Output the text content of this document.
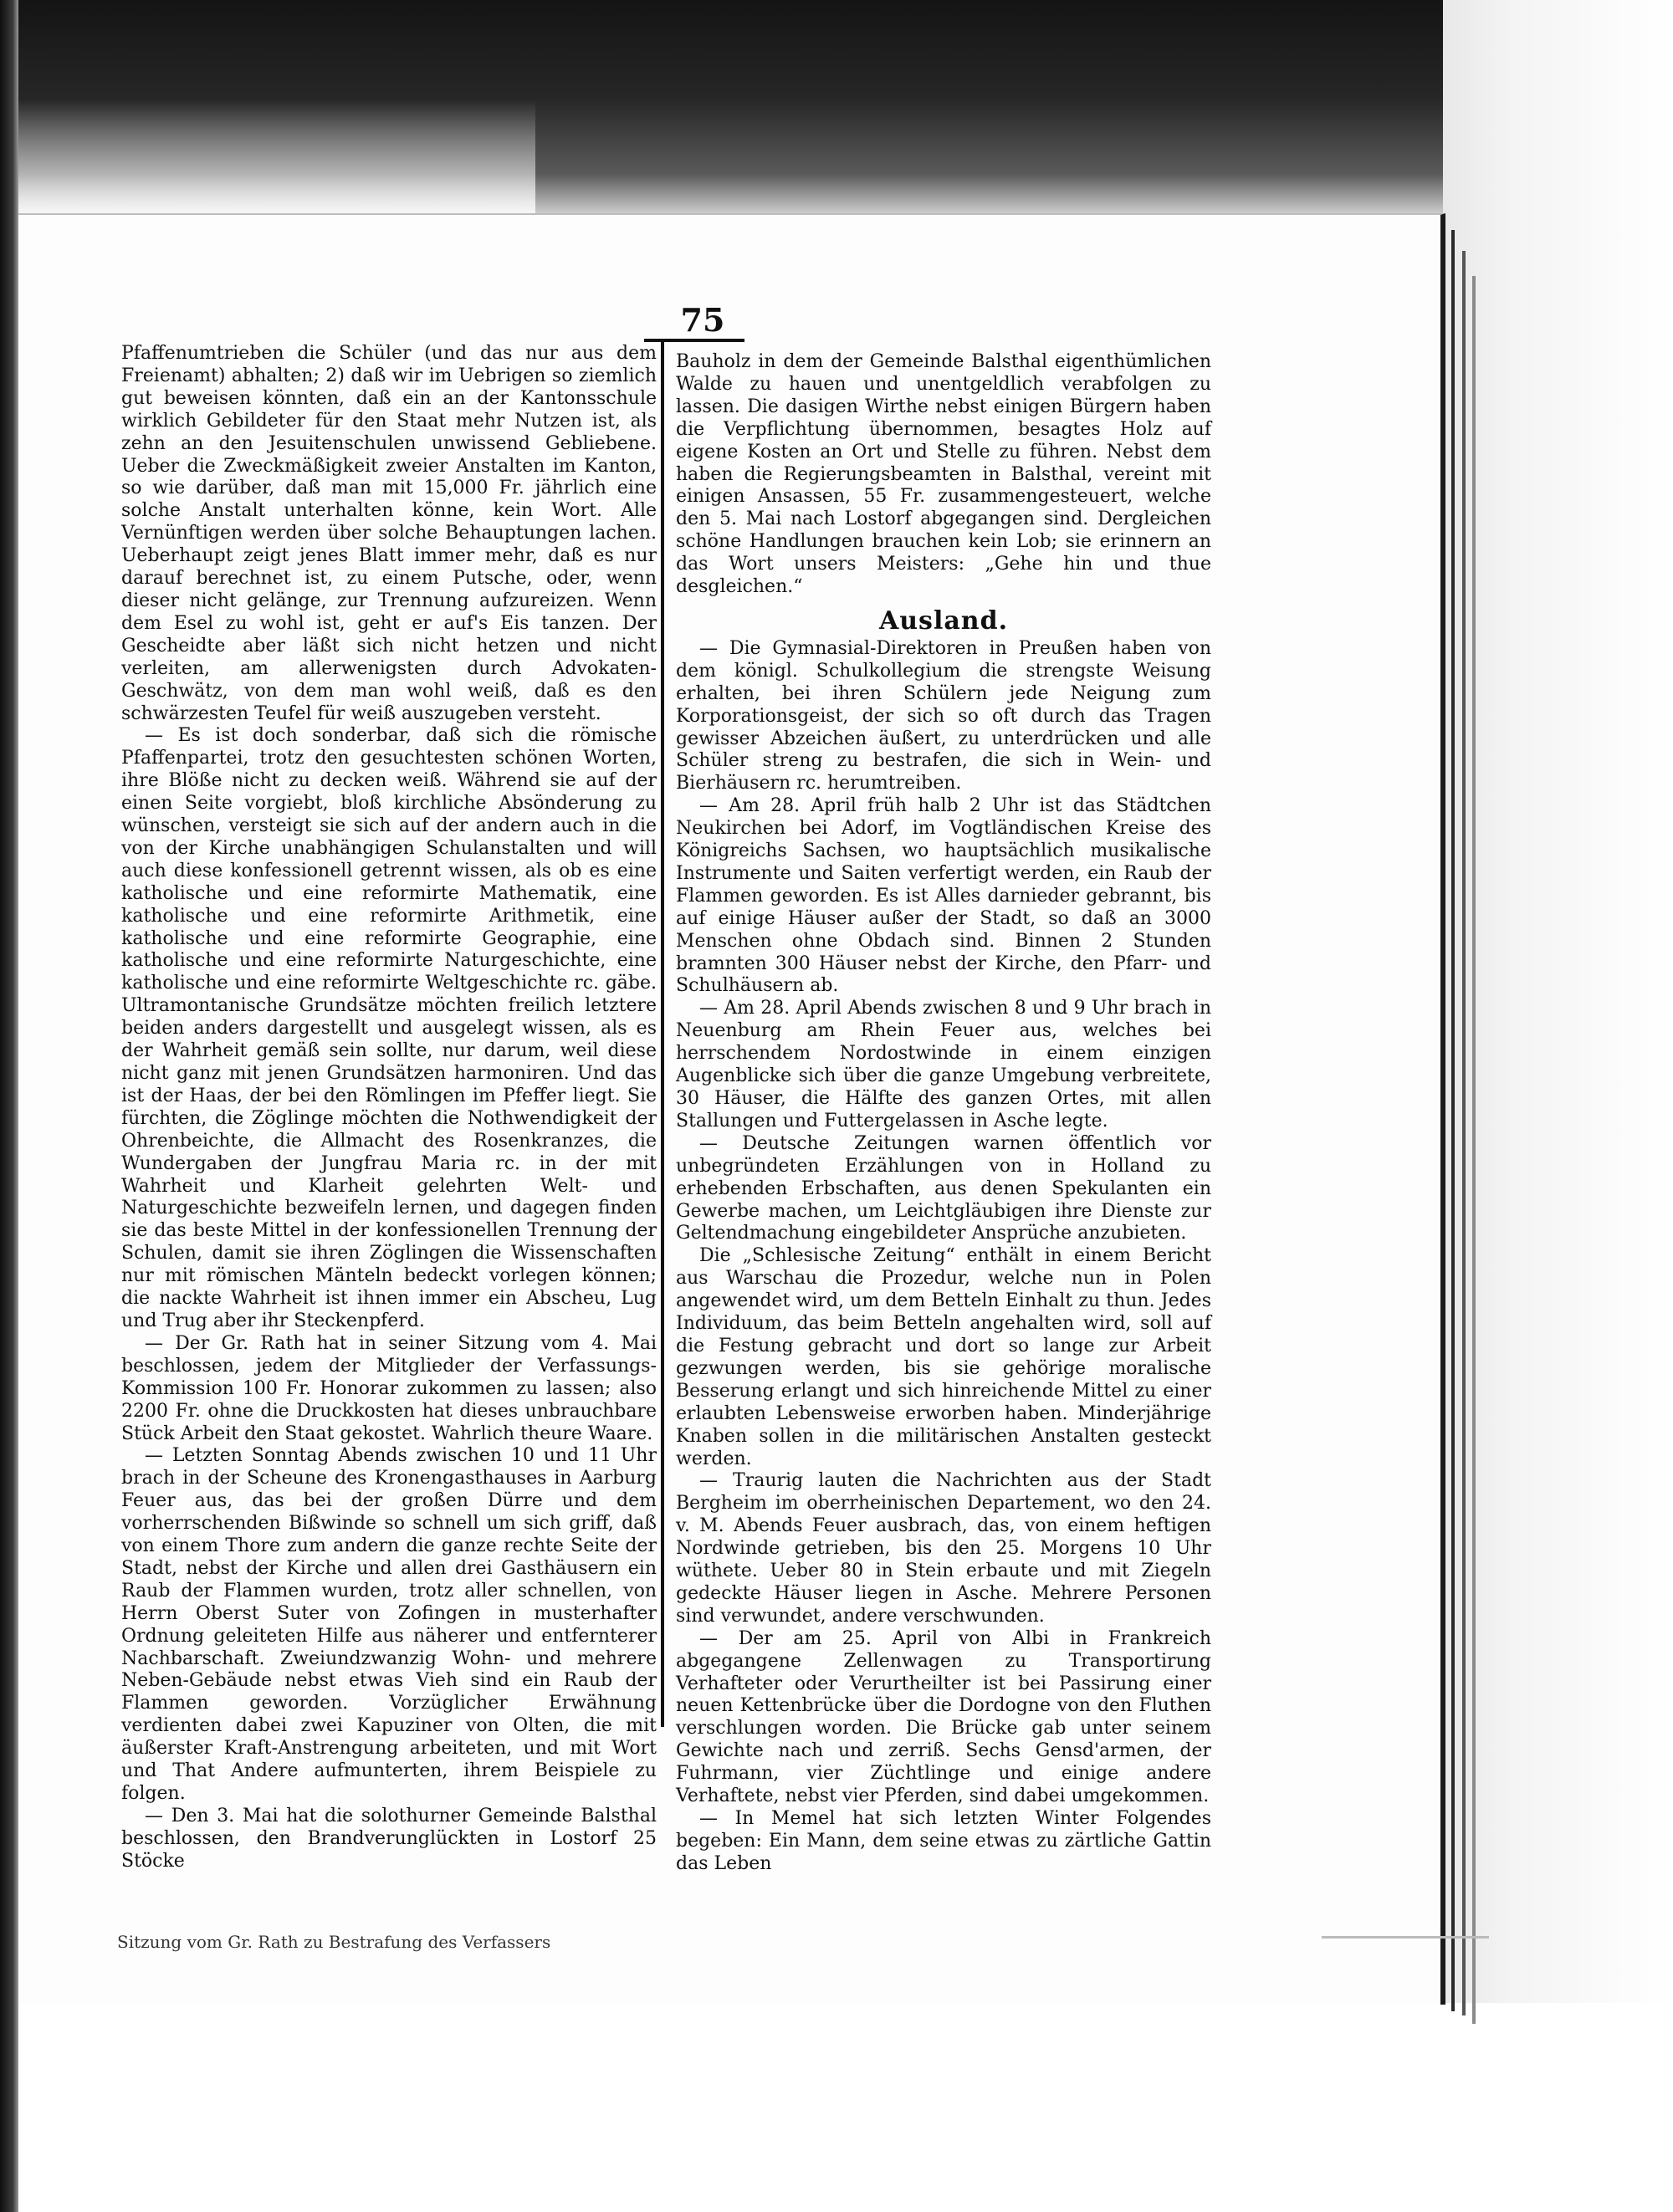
75

Pfaffenumtrieben die Schüler (und das nur aus dem Freienamt) abhalten; 2) daß wir im Uebrigen so ziemlich gut beweisen könnten, daß ein an der Kantonsschule wirklich Gebildeter für den Staat mehr Nutzen ist, als zehn an den Jesuitenschulen unwissend Gebliebene. Ueber die Zweckmäßigkeit zweier Anstalten im Kanton, so wie darüber, daß man mit 15,000 Fr. jährlich eine solche Anstalt unterhalten könne, kein Wort. Alle Vernünftigen werden über solche Behauptungen lachen. Ueberhaupt zeigt jenes Blatt immer mehr, daß es nur darauf berechnet ist, zu einem Putsche, oder, wenn dieser nicht gelänge, zur Trennung aufzureizen. Wenn dem Esel zu wohl ist, geht er auf's Eis tanzen. Der Gescheidte aber läßt sich nicht hetzen und nicht verleiten, am allerwenigsten durch Advokaten-Geschwätz, von dem man wohl weiß, daß es den schwärzesten Teufel für weiß auszugeben versteht.

— Es ist doch sonderbar, daß sich die römische Pfaffenpartei, trotz den gesuchtesten schönen Worten, ihre Blöße nicht zu decken weiß. Während sie auf der einen Seite vorgiebt, bloß kirchliche Absönderung zu wünschen, versteigt sie sich auf der andern auch in die von der Kirche unabhängigen Schulanstalten und will auch diese konfessionell getrennt wissen, als ob es eine katholische und eine reformirte Mathematik, eine katholische und eine reformirte Arithmetik, eine katholische und eine reformirte Geographie, eine katholische und eine reformirte Naturgeschichte, eine katholische und eine reformirte Weltgeschichte rc. gäbe. Ultramontanische Grundsätze möchten freilich letztere beiden anders dargestellt und ausgelegt wissen, als es der Wahrheit gemäß sein sollte, nur darum, weil diese nicht ganz mit jenen Grundsätzen harmoniren. Und das ist der Haas, der bei den Römlingen im Pfeffer liegt. Sie fürchten, die Zöglinge möchten die Nothwendigkeit der Ohrenbeichte, die Allmacht des Rosenkranzes, die Wundergaben der Jungfrau Maria rc. in der mit Wahrheit und Klarheit gelehrten Welt- und Naturgeschichte bezweifeln lernen, und dagegen finden sie das beste Mittel in der konfessionellen Trennung der Schulen, damit sie ihren Zöglingen die Wissenschaften nur mit römischen Mänteln bedeckt vorlegen können; die nackte Wahrheit ist ihnen immer ein Abscheu, Lug und Trug aber ihr Steckenpferd.

— Der Gr. Rath hat in seiner Sitzung vom 4. Mai beschlossen, jedem der Mitglieder der Verfassungs-Kommission 100 Fr. Honorar zukommen zu lassen; also 2200 Fr. ohne die Druckkosten hat dieses unbrauchbare Stück Arbeit den Staat gekostet. Wahrlich theure Waare.

— Letzten Sonntag Abends zwischen 10 und 11 Uhr brach in der Scheune des Kronengasthauses in Aarburg Feuer aus, das bei der großen Dürre und dem vorherrschenden Bißwinde so schnell um sich griff, daß von einem Thore zum andern die ganze rechte Seite der Stadt, nebst der Kirche und allen drei Gasthäusern ein Raub der Flammen wurden, trotz aller schnellen, von Herrn Oberst Suter von Zofingen in musterhafter Ordnung geleiteten Hilfe aus näherer und entfernterer Nachbarschaft. Zweiundzwanzig Wohn- und mehrere Neben-Gebäude nebst etwas Vieh sind ein Raub der Flammen geworden. Vorzüglicher Erwähnung verdienten dabei zwei Kapuziner von Olten, die mit äußerster Kraft-Anstrengung arbeiteten, und mit Wort und That Andere aufmunterten, ihrem Beispiele zu folgen.

— Den 3. Mai hat die solothurner Gemeinde Balsthal beschlossen, den Brandverunglückten in Lostorf 25 Stöcke

Bauholz in dem der Gemeinde Balsthal eigenthümlichen Walde zu hauen und unentgeldlich verabfolgen zu lassen. Die dasigen Wirthe nebst einigen Bürgern haben die Verpflichtung übernommen, besagtes Holz auf eigene Kosten an Ort und Stelle zu führen. Nebst dem haben die Regierungsbeamten in Balsthal, vereint mit einigen Ansassen, 55 Fr. zusammengesteuert, welche den 5. Mai nach Lostorf abgegangen sind. Dergleichen schöne Handlungen brauchen kein Lob; sie erinnern an das Wort unsers Meisters: „Gehe hin und thue desgleichen.“

Ausland.

— Die Gymnasial-Direktoren in Preußen haben von dem königl. Schulkollegium die strengste Weisung erhalten, bei ihren Schülern jede Neigung zum Korporationsgeist, der sich so oft durch das Tragen gewisser Abzeichen äußert, zu unterdrücken und alle Schüler streng zu bestrafen, die sich in Wein- und Bierhäusern rc. herumtreiben.

— Am 28. April früh halb 2 Uhr ist das Städtchen Neukirchen bei Adorf, im Vogtländischen Kreise des Königreichs Sachsen, wo hauptsächlich musikalische Instrumente und Saiten verfertigt werden, ein Raub der Flammen geworden. Es ist Alles darnieder gebrannt, bis auf einige Häuser außer der Stadt, so daß an 3000 Menschen ohne Obdach sind. Binnen 2 Stunden bramnten 300 Häuser nebst der Kirche, den Pfarr- und Schulhäusern ab.

— Am 28. April Abends zwischen 8 und 9 Uhr brach in Neuenburg am Rhein Feuer aus, welches bei herrschendem Nordostwinde in einem einzigen Augenblicke sich über die ganze Umgebung verbreitete, 30 Häuser, die Hälfte des ganzen Ortes, mit allen Stallungen und Futtergelassen in Asche legte.

— Deutsche Zeitungen warnen öffentlich vor unbegründeten Erzählungen von in Holland zu erhebenden Erbschaften, aus denen Spekulanten ein Gewerbe machen, um Leichtgläubigen ihre Dienste zur Geltendmachung eingebildeter Ansprüche anzubieten.

Die „Schlesische Zeitung“ enthält in einem Bericht aus Warschau die Prozedur, welche nun in Polen angewendet wird, um dem Betteln Einhalt zu thun. Jedes Individuum, das beim Betteln angehalten wird, soll auf die Festung gebracht und dort so lange zur Arbeit gezwungen werden, bis sie gehörige moralische Besserung erlangt und sich hinreichende Mittel zu einer erlaubten Lebensweise erworben haben. Minderjährige Knaben sollen in die militärischen Anstalten gesteckt werden.

— Traurig lauten die Nachrichten aus der Stadt Bergheim im oberrheinischen Departement, wo den 24. v. M. Abends Feuer ausbrach, das, von einem heftigen Nordwinde getrieben, bis den 25. Morgens 10 Uhr wüthete. Ueber 80 in Stein erbaute und mit Ziegeln gedeckte Häuser liegen in Asche. Mehrere Personen sind verwundet, andere verschwunden.

— Der am 25. April von Albi in Frankreich abgegangene Zellenwagen zu Transportirung Verhafteter oder Verurtheilter ist bei Passirung einer neuen Kettenbrücke über die Dordogne von den Fluthen verschlungen worden. Die Brücke gab unter seinem Gewichte nach und zerriß. Sechs Gensd'armen, der Fuhrmann, vier Züchtlinge und einige andere Verhaftete, nebst vier Pferden, sind dabei umgekommen.

— In Memel hat sich letzten Winter Folgendes begeben: Ein Mann, dem seine etwas zu zärtliche Gattin das Leben

Sitzung vom Gr. Rath zu Bestrafung des Verfassers
